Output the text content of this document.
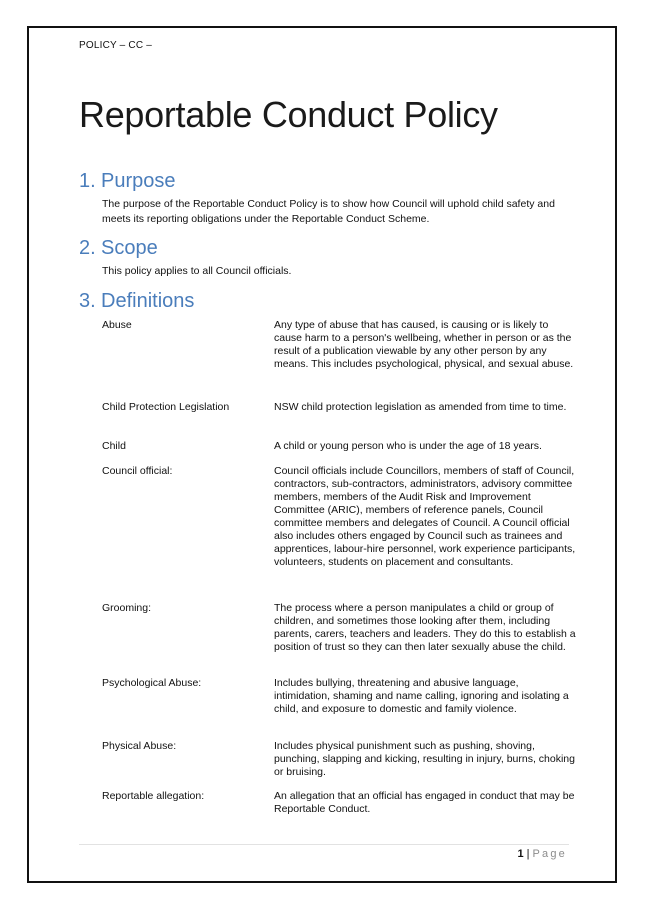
POLICY – CC –
Reportable Conduct Policy
1. Purpose

The purpose of the Reportable Conduct Policy is to show how Council will uphold child safety and meets its reporting obligations under the Reportable Conduct Scheme.

2. Scope

This policy applies to all Council officials.

3. Definitions
Abuse	Any type of abuse that has caused, is causing or is likely to cause harm to a person's wellbeing, whether in person or as the result of a publication viewable by any other person by any means. This includes psychological, physical, and sexual abuse.
Child Protection Legislation	NSW child protection legislation as amended from time to time.
Child	A child or young person who is under the age of 18 years.
Council official:	Council officials include Councillors, members of staff of Council, contractors, sub-contractors, administrators, advisory committee members, members of the Audit Risk and Improvement Committee (ARIC), members of reference panels, Council committee members and delegates of Council. A Council official also includes others engaged by Council such as trainees and apprentices, labour-hire personnel, work experience participants, volunteers, students on placement and consultants.
Grooming:	The process where a person manipulates a child or group of children, and sometimes those looking after them, including parents, carers, teachers and leaders. They do this to establish a position of trust so they can then later sexually abuse the child.
Psychological Abuse:	Includes bullying, threatening and abusive language, intimidation, shaming and name calling, ignoring and isolating a child, and exposure to domestic and family violence.
Physical Abuse:	Includes physical punishment such as pushing, shoving, punching, slapping and kicking, resulting in injury, burns, choking or bruising.
Reportable allegation:	An allegation that an official has engaged in conduct that may be Reportable Conduct.
1 | Page
